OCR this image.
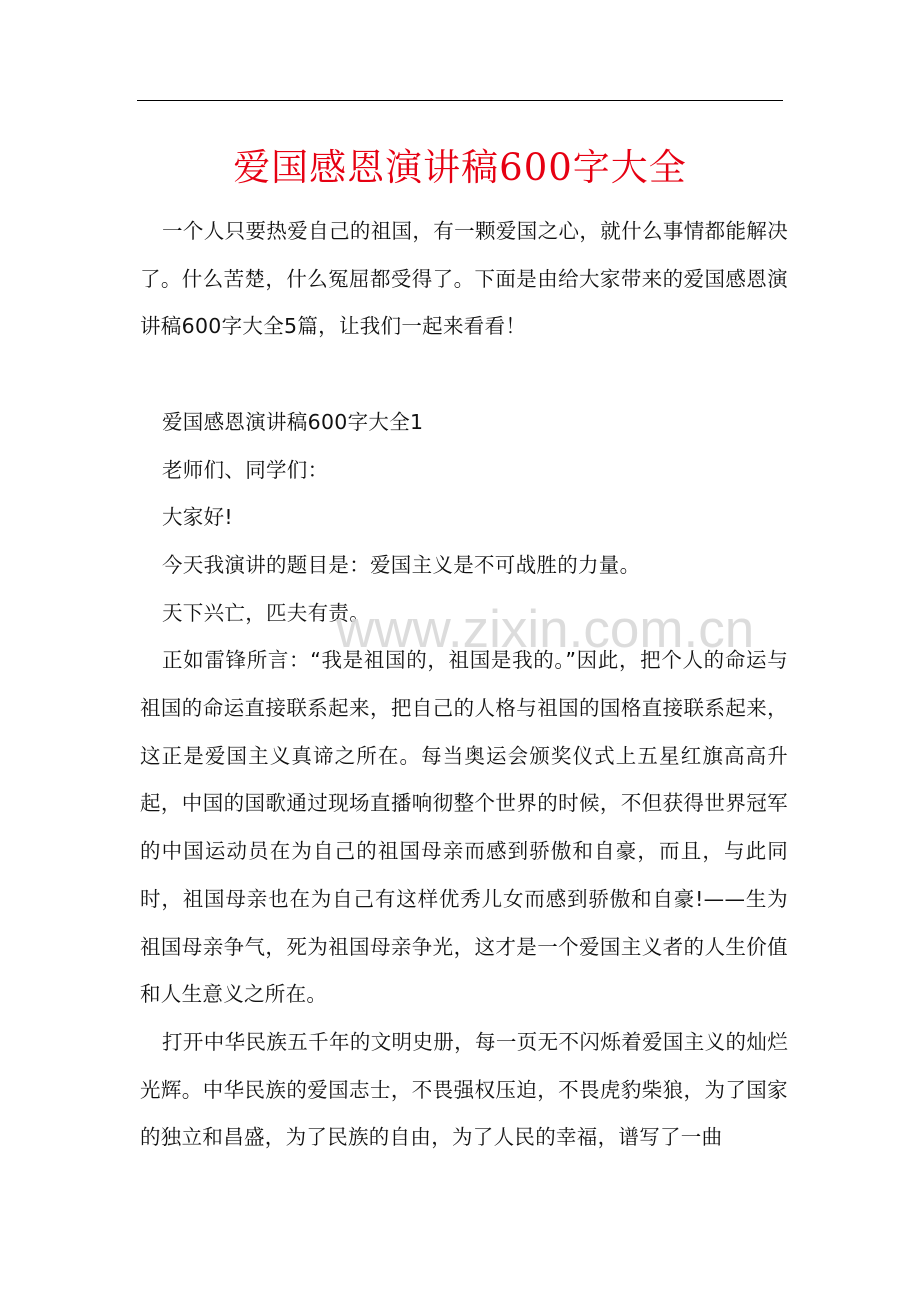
爱国感恩演讲稿600字大全

一个人只要热爱自己的祖国，有一颗爱国之心，就什么事情都能解决了。什么苦楚，什么冤屈都受得了。下面是由给大家带来的爱国感恩演讲稿600字大全5篇，让我们一起来看看！

爱国感恩演讲稿600字大全1

老师们、同学们：

大家好!

今天我演讲的题目是：爱国主义是不可战胜的力量。

天下兴亡，匹夫有责。

正如雷锋所言：“我是祖国的，祖国是我的。”因此，把个人的命运与祖国的命运直接联系起来，把自己的人格与祖国的国格直接联系起来，这正是爱国主义真谛之所在。每当奥运会颁奖仪式上五星红旗高高升起，中国的国歌通过现场直播响彻整个世界的时候，不但获得世界冠军的中国运动员在为自己的祖国母亲而感到骄傲和自豪，而且，与此同时，祖国母亲也在为自己有这样优秀儿女而感到骄傲和自豪!——生为祖国母亲争气，死为祖国母亲争光，这才是一个爱国主义者的人生价值和人生意义之所在。

打开中华民族五千年的文明史册，每一页无不闪烁着爱国主义的灿烂光辉。中华民族的爱国志士，不畏强权压迫，不畏虎豹柴狼，为了国家的独立和昌盛，为了民族的自由，为了人民的幸福，谱写了一曲

www.zixin.com.cn
